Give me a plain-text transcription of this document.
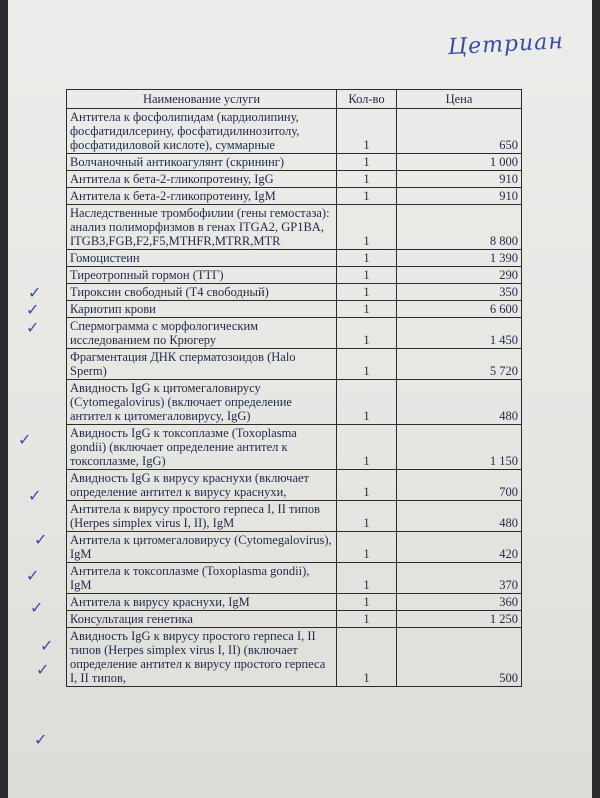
Цетриан
Наименование услуги	Кол-во	Цена
Антитела к фосфолипидам (кардиолипину, фосфатидилсерину, фосфатидилинозитолу, фосфатидиловой кислоте), суммарные	1	650
Волчаночный антикоагулянт (скрининг)	1	1 000
Антитела к бета-2-гликопротеину, IgG	1	910
Антитела к бета-2-гликопротеину, IgM	1	910
Наследственные тромбофилии (гены гемостаза): анализ полиморфизмов в генах ITGA2, GP1BA, ITGB3,FGB,F2,F5,MTHFR,MTRR,MTR	1	8 800
Гомоцистеин	1	1 390
Тиреотропный гормон (ТТГ)	1	290
Тироксин свободный (Т4 свободный)	1	350
Кариотип крови	1	6 600
Спермограмма с морфологическим исследованием по Крюгеру	1	1 450
Фрагментация ДНК сперматозоидов (Halo Sperm)	1	5 720
Авидность IgG к цитомегаловирусу (Cytomegalovirus) (включает определение антител к цитомегаловирусу, IgG)	1	480
Авидность IgG к токсоплазме (Toxoplasma gondii) (включает определение антител к токсоплазме, IgG)	1	1 150
Авидность IgG к вирусу краснухи (включает определение антител к вирусу краснухи,	1	700
Антитела к вирусу простого герпеса I, II типов (Herpes simplex virus I, II), IgM	1	480
Антитела к цитомегаловирусу (Cytomegalovirus), IgM	1	420
Антитела к токсоплазме (Toxoplasma gondii), IgM	1	370
Антитела к вирусу краснухи, IgM	1	360
Консультация генетика	1	1 250
Авидность IgG к вирусу простого герпеса I, II типов (Herpes simplex virus I, II) (включает определение антител к вирусу простого герпеса I, II типов,	1	500
✓
✓
✓
✓
✓
✓
✓
✓
✓
✓
✓
